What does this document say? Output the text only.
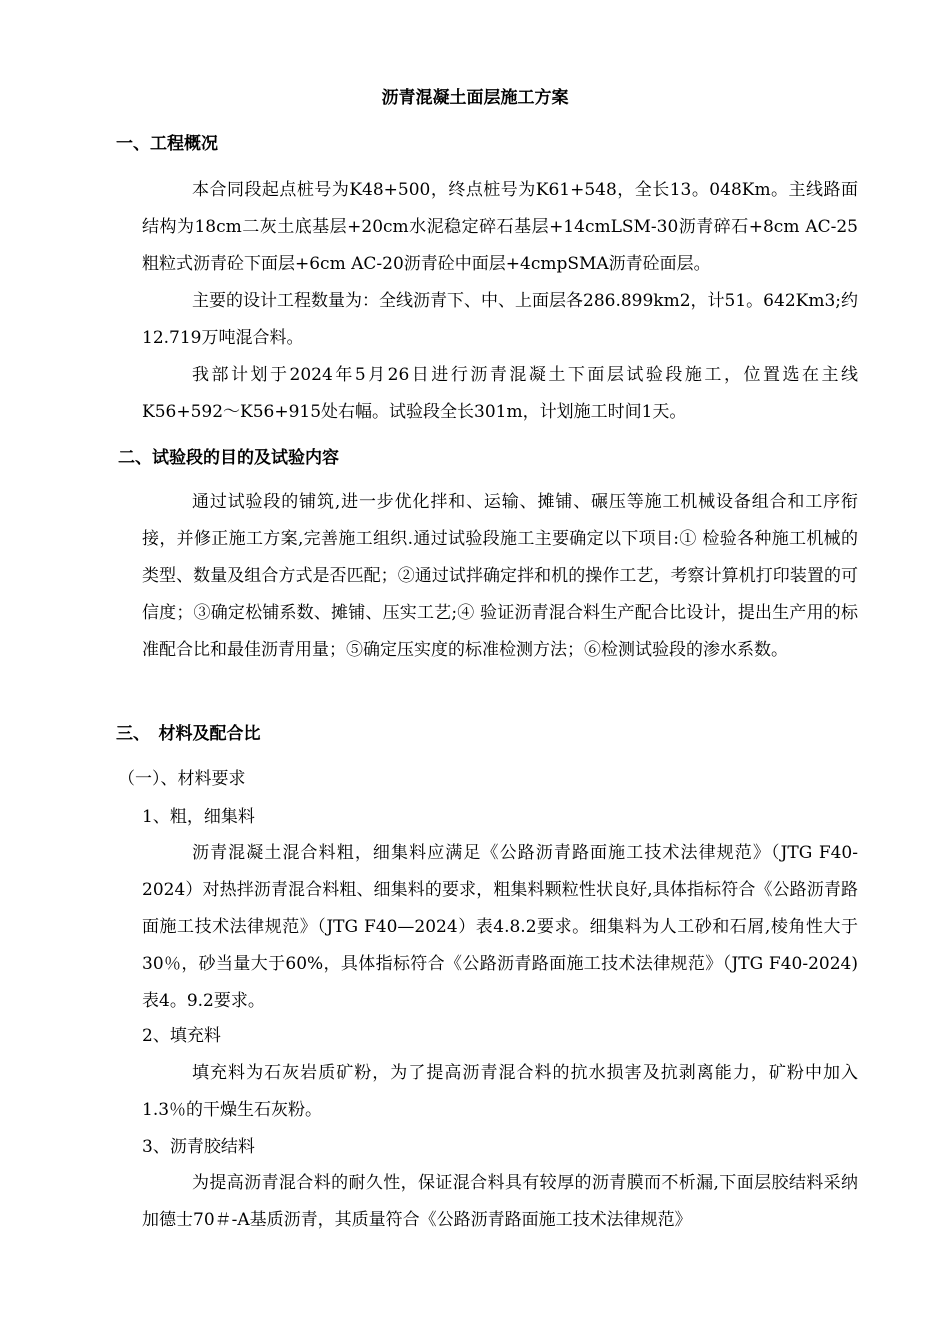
沥青混凝土面层施工方案
一、工程概况
本合同段起点桩号为K48+500，终点桩号为K61+548，全长13。048Km。主线路面结构为18cm二灰土底基层+20cm水泥稳定碎石基层+14cmLSM-30沥青碎石+8cm AC-25粗粒式沥青砼下面层+6cm AC-20沥青砼中面层+4cmpSMA沥青砼面层。
主要的设计工程数量为：全线沥青下、中、上面层各286.899km2，计51。642Km3;约12.719万吨混合料。
我部计划于2024年5月26日进行沥青混凝土下面层试验段施工，位置选在主线K56+592～K56+915处右幅。试验段全长301m，计划施工时间1天。
二、试验段的目的及试验内容
通过试验段的铺筑,进一步优化拌和、运输、摊铺、碾压等施工机械设备组合和工序衔接，并修正施工方案,完善施工组织.通过试验段施工主要确定以下项目:① 检验各种施工机械的类型、数量及组合方式是否匹配；②通过试拌确定拌和机的操作工艺，考察计算机打印装置的可信度；③确定松铺系数、摊铺、压实工艺;④ 验证沥青混合料生产配合比设计，提出生产用的标准配合比和最佳沥青用量；⑤确定压实度的标准检测方法；⑥检测试验段的渗水系数。
三、　材料及配合比
（一）、材料要求
1、粗，细集料
沥青混凝土混合料粗，细集料应满足《公路沥青路面施工技术法律规范》（JTG F40-2024）对热拌沥青混合料粗、细集料的要求，粗集料颗粒性状良好,具体指标符合《公路沥青路面施工技术法律规范》（JTG F40—2024）表4.8.2要求。细集料为人工砂和石屑,棱角性大于30％，砂当量大于60%，具体指标符合《公路沥青路面施工技术法律规范》（JTG F40-2024)表4。9.2要求。
2、填充料
填充料为石灰岩质矿粉，为了提高沥青混合料的抗水损害及抗剥离能力，矿粉中加入1.3％的干燥生石灰粉。
3、沥青胶结料
为提高沥青混合料的耐久性，保证混合料具有较厚的沥青膜而不析漏,下面层胶结料采纳加德士70＃-A基质沥青，其质量符合《公路沥青路面施工技术法律规范》
